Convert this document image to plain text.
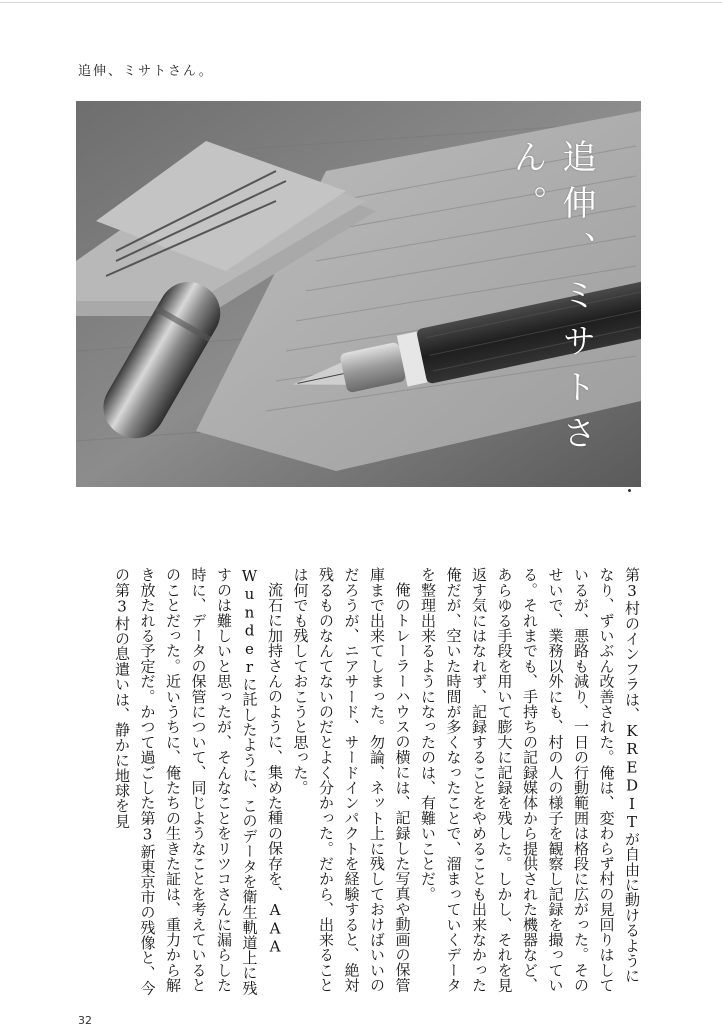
追伸、ミサトさん。
追伸、ミサトさん。

第3村のインフラは、KREDITが自由に動けるようになり、ずいぶん改善された。俺は、変わらず村の見回りはしているが、悪路も減り、一日の行動範囲は格段に広がった。そのせいで、業務以外にも、村の人の様子を観察し記録を撮っている。それまでも、手持ちの記録媒体から提供された機器など、あらゆる手段を用いて膨大に記録を残した。しかし、それを見返す気にはなれず、記録することをやめることも出来なかった俺だが、空いた時間が多くなったことで、溜まっていくデータを整理出来るようになったのは、有難いことだ。

俺のトレーラーハウスの横には、記録した写真や動画の保管庫まで出来てしまった。勿論、ネット上に残しておけばいいのだろうが、ニアサード、サードインパクトを経験すると、絶対残るものなんてないのだとよく分かった。だから、出来ることは何でも残しておこうと思った。

流石に加持さんのように、集めた種の保存を、AAA Wunderに託したように、このデータを衛生軌道上に残すのは難しいと思ったが、そんなことをリツコさんに漏らした時に、データの保管について、同じようなことを考えているとのことだった。近いうちに、俺たちの生きた証は、重力から解き放たれる予定だ。かつて過ごした第3新東京市の残像と、今の第3村の息遣いは、静かに地球を見

32
